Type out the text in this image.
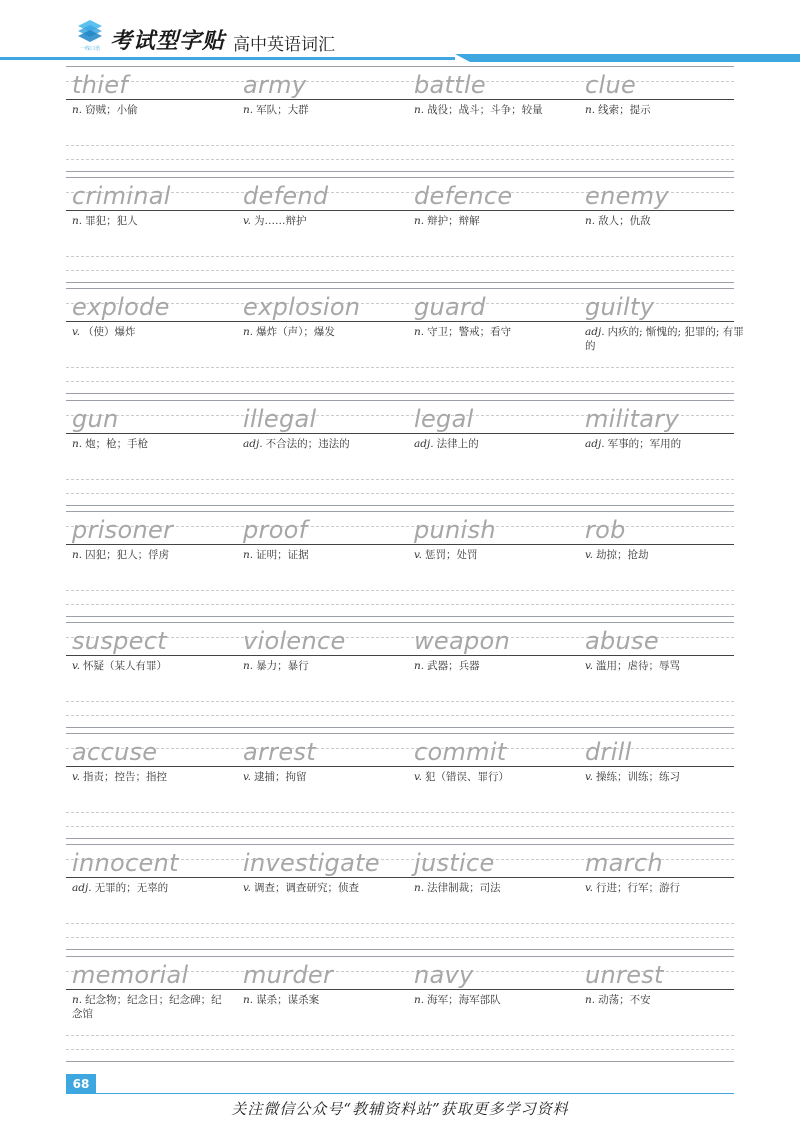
一线口语 考试型字贴 高中英语词汇
thief
n. 窃贼；小偷
army
n. 军队；大群
battle
n. 战役；战斗；斗争；较量
clue
n. 线索；提示
criminal
n. 罪犯；犯人
defend
v. 为……辩护
defence
n. 辩护；辩解
enemy
n. 敌人；仇敌
explode
v. （使）爆炸
explosion
n. 爆炸（声）；爆发
guard
n. 守卫；警戒；看守
guilty
adj. 内疚的; 惭愧的; 犯罪的; 有罪的
gun
n. 炮；枪；手枪
illegal
adj. 不合法的；违法的
legal
adj. 法律上的
military
adj. 军事的；军用的
prisoner
n. 囚犯；犯人；俘虏
proof
n. 证明；证据
punish
v. 惩罚；处罚
rob
v. 劫掠；抢劫
suspect
v. 怀疑（某人有罪）
violence
n. 暴力；暴行
weapon
n. 武器；兵器
abuse
v. 滥用；虐待；辱骂
accuse
v. 指责；控告；指控
arrest
v. 逮捕；拘留
commit
v. 犯（错误、罪行）
drill
v. 操练；训练；练习
innocent
adj. 无罪的；无辜的
investigate
v. 调查；调查研究；侦查
justice
n. 法律制裁；司法
march
v. 行进；行军；游行
memorial
n. 纪念物；纪念日；纪念碑；纪念馆
murder
n. 谋杀；谋杀案
navy
n. 海军；海军部队
unrest
n. 动荡；不安
68
关注微信公众号“教辅资料站”获取更多学习资料
